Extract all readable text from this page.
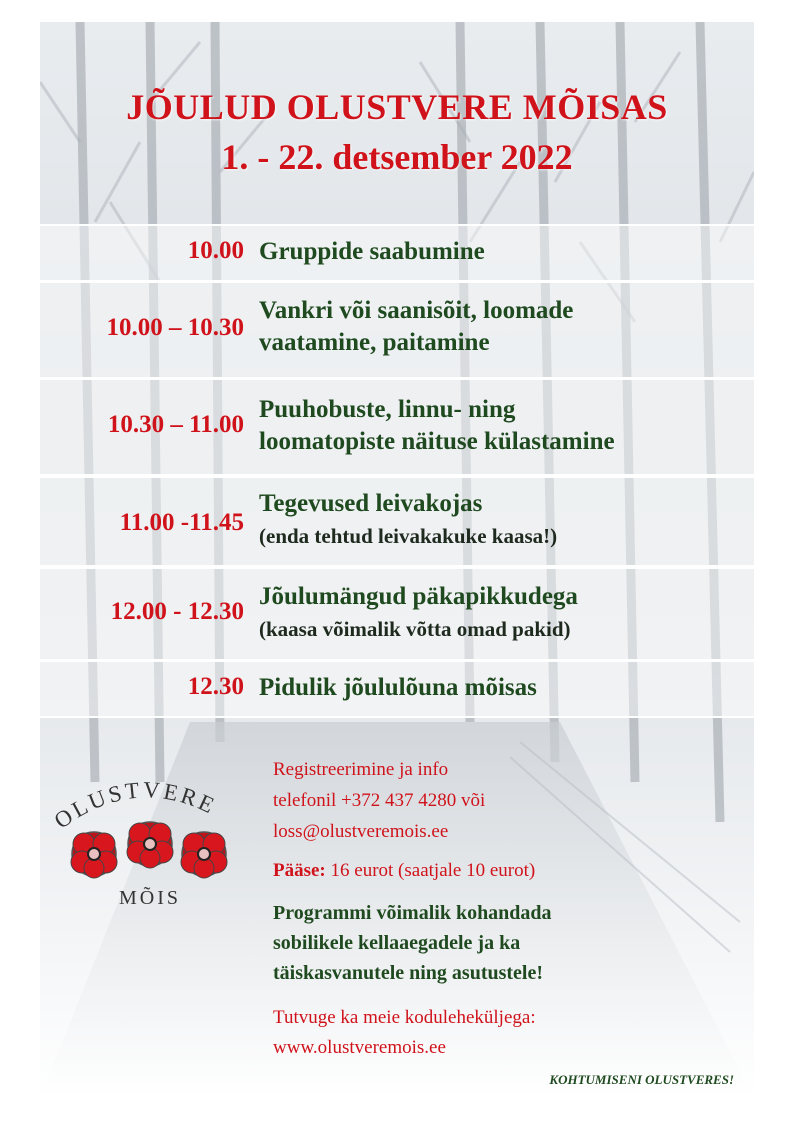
JÕULUD OLUSTVERE MÕISAS
1. - 22. detsember 2022
10.00 Gruppide saabumine
10.00 – 10.30
Vankri või saanisõit, loomade
vaatamine, paitamine
10.30 – 11.00
Puuhobuste, linnu- ning
loomatopiste näituse külastamine
11.00 -11.45
Tegevused leivakojas
(enda tehtud leivakakuke kaasa!)
12.00 - 12.30
Jõulumängud päkapikkudega
(kaasa võimalik võtta omad pakid)
12.30 Pidulik jõululõuna mõisas
OLUSTVERE
MÕIS
Registreerimine ja info
telefonil +372 437 4280 või
loss@olustveremois.ee
Pääse: 16 eurot (saatjale 10 eurot)
Programmi võimalik kohandada
sobilikele kellaaegadele ja ka
täiskasvanutele ning asutustele!
Tutvuge ka meie koduleheküljega:
www.olustveremois.ee
KOHTUMISENI OLUSTVERES!
